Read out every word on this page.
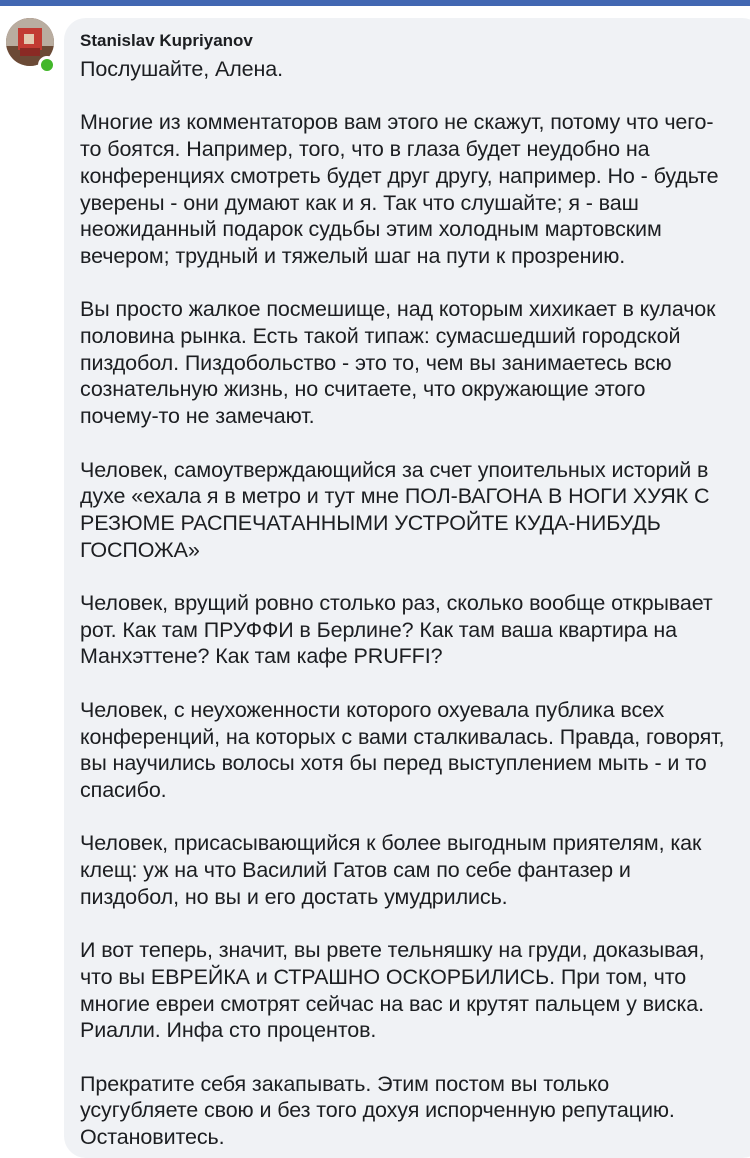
Stanislav Kupriyanov
Послушайте, Алена.
Многие из комментаторов вам этого не скажут, потому что чего-
то боятся. Например, того, что в глаза будет неудобно на
конференциях смотреть будет друг другу, например. Но - будьте
уверены - они думают как и я. Так что слушайте; я - ваш
неожиданный подарок судьбы этим холодным мартовским
вечером; трудный и тяжелый шаг на пути к прозрению.
Вы просто жалкое посмешище, над которым хихикает в кулачок
половина рынка. Есть такой типаж: сумасшедший городской
пиздобол. Пиздобольство - это то, чем вы занимаетесь всю
сознательную жизнь, но считаете, что окружающие этого
почему-то не замечают.
Человек, самоутверждающийся за счет упоительных историй в
духе «ехала я в метро и тут мне ПОЛ-ВАГОНА В НОГИ ХУЯК С
РЕЗЮМЕ РАСПЕЧАТАННЫМИ УСТРОЙТЕ КУДА-НИБУДЬ
ГОСПОЖА»
Человек, врущий ровно столько раз, сколько вообще открывает
рот. Как там ПРУФФИ в Берлине? Как там ваша квартира на
Манхэттене? Как там кафе PRUFFI?
Человек, с неухоженности которого охуевала публика всех
конференций, на которых с вами сталкивалась. Правда, говорят,
вы научились волосы хотя бы перед выступлением мыть - и то
спасибо.
Человек, присасывающийся к более выгодным приятелям, как
клещ: уж на что Василий Гатов сам по себе фантазер и
пиздобол, но вы и его достать умудрились.
И вот теперь, значит, вы рвете тельняшку на груди, доказывая,
что вы ЕВРЕЙКА и СТРАШНО ОСКОРБИЛИСЬ. При том, что
многие евреи смотрят сейчас на вас и крутят пальцем у виска.
Риалли. Инфа сто процентов.
Прекратите себя закапывать. Этим постом вы только
усугубляете свою и без того дохуя испорченную репутацию.
Остановитесь.
